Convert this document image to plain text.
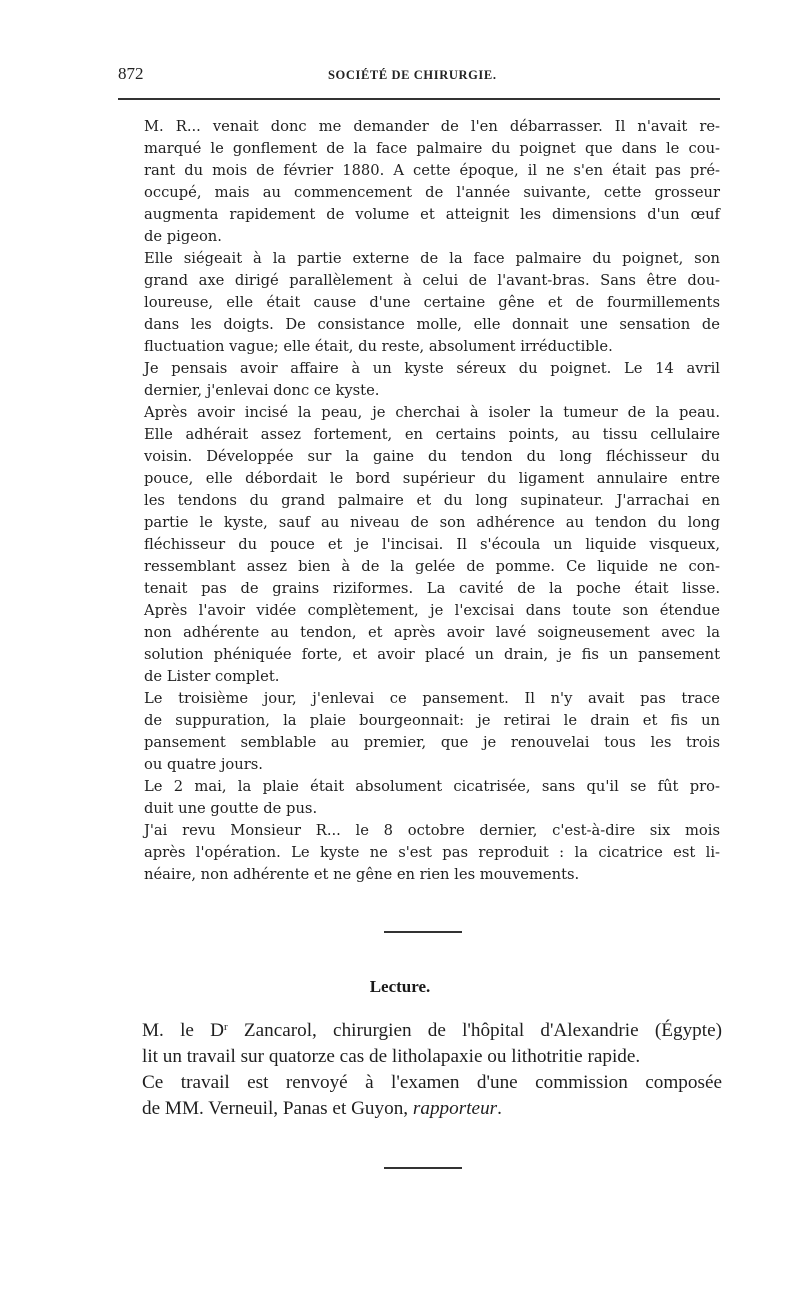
872	SOCIÉTÉ DE CHIRURGIE.

M. R... venait donc me demander de l'en débarrasser. Il n'avait re-
marqué le gonflement de la face palmaire du poignet que dans le cou-
rant du mois de février 1880. A cette époque, il ne s'en était pas pré-
occupé, mais au commencement de l'année suivante, cette grosseur
augmenta rapidement de volume et atteignit les dimensions d'un œuf
de pigeon.

Elle siégeait à la partie externe de la face palmaire du poignet, son
grand axe dirigé parallèlement à celui de l'avant-bras. Sans être dou-
loureuse, elle était cause d'une certaine gêne et de fourmillements
dans les doigts. De consistance molle, elle donnait une sensation de
fluctuation vague; elle était, du reste, absolument irréductible.

Je pensais avoir affaire à un kyste séreux du poignet. Le 14 avril
dernier, j'enlevai donc ce kyste.

Après avoir incisé la peau, je cherchai à isoler la tumeur de la peau.
Elle adhérait assez fortement, en certains points, au tissu cellulaire
voisin. Développée sur la gaine du tendon du long fléchisseur du
pouce, elle débordait le bord supérieur du ligament annulaire entre
les tendons du grand palmaire et du long supinateur. J'arrachai en
partie le kyste, sauf au niveau de son adhérence au tendon du long
fléchisseur du pouce et je l'incisai. Il s'écoula un liquide visqueux,
ressemblant assez bien à de la gelée de pomme. Ce liquide ne con-
tenait pas de grains riziformes. La cavité de la poche était lisse.
Après l'avoir vidée complètement, je l'excisai dans toute son étendue
non adhérente au tendon, et après avoir lavé soigneusement avec la
solution phéniquée forte, et avoir placé un drain, je fis un pansement
de Lister complet.

Le troisième jour, j'enlevai ce pansement. Il n'y avait pas trace
de suppuration, la plaie bourgeonnait: je retirai le drain et fis un
pansement semblable au premier, que je renouvelai tous les trois
ou quatre jours.

Le 2 mai, la plaie était absolument cicatrisée, sans qu'il se fût pro-
duit une goutte de pus.

J'ai revu Monsieur R... le 8 octobre dernier, c'est-à-dire six mois
après l'opération. Le kyste ne s'est pas reproduit : la cicatrice est li-
néaire, non adhérente et ne gêne en rien les mouvements.

Lecture.

M. le $D^r$ Zancarol, chirurgien de l'hôpital d'Alexandrie (Égypte)
lit un travail sur quatorze cas de litholapaxie ou lithotritie rapide.

Ce travail est renvoyé à l'examen d'une commission composée
de MM. Verneuil, Panas et Guyon, rapporteur.
